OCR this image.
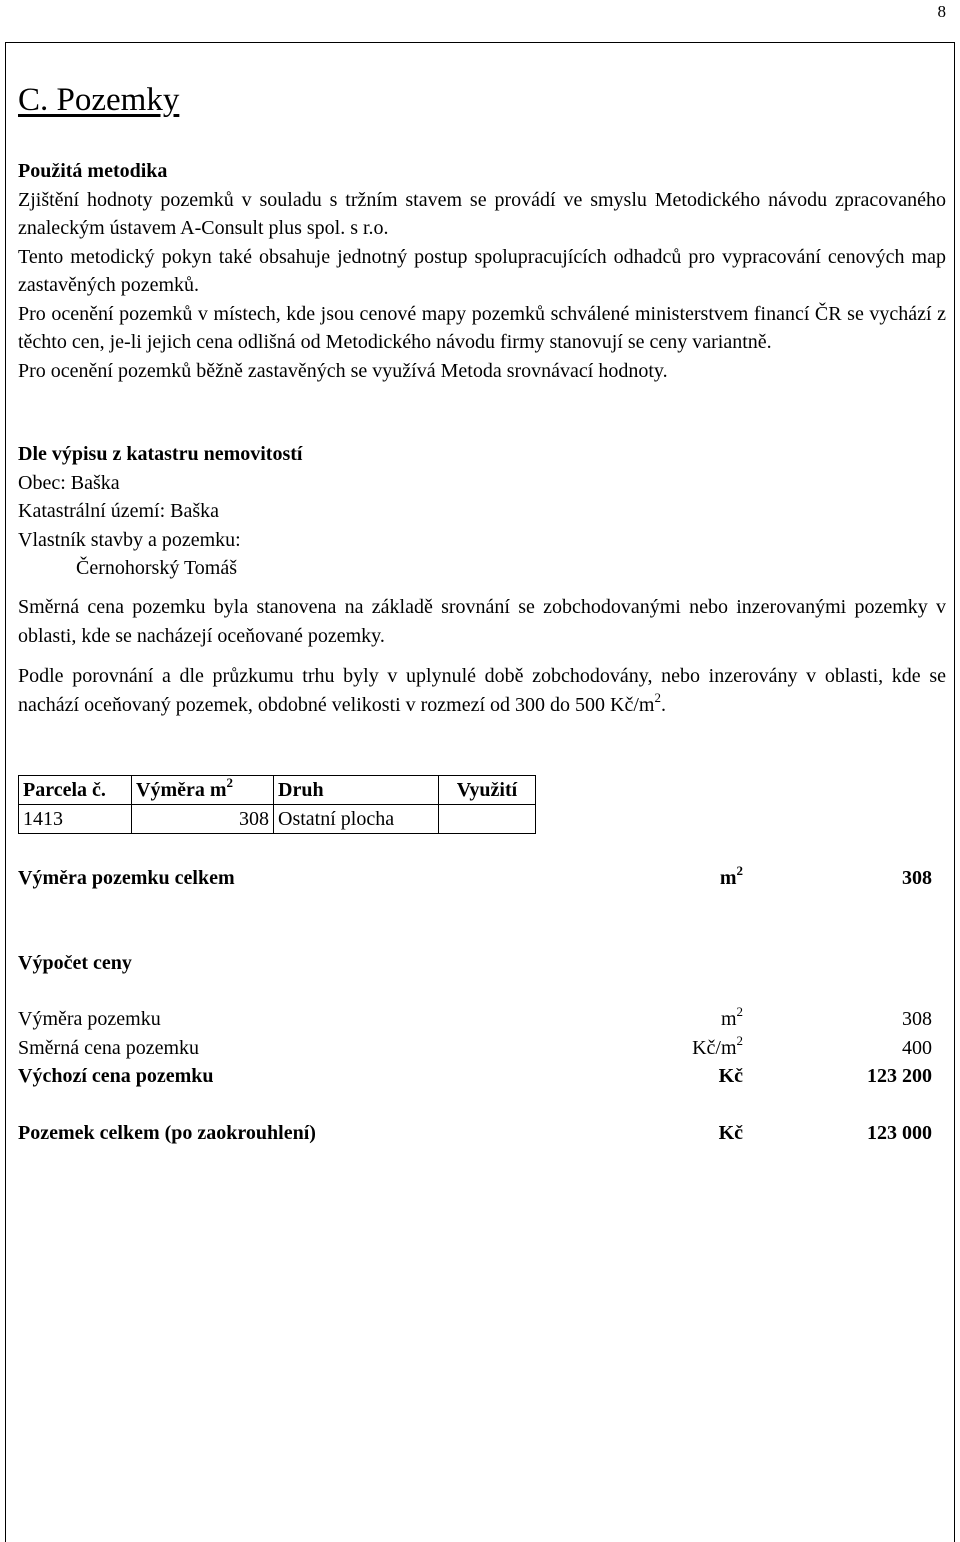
8
C. Pozemky

Použitá metodika

Zjištění hodnoty pozemků v souladu s tržním stavem se provádí ve smyslu Metodického návodu zpracovaného znaleckým ústavem A-Consult plus spol. s r.o.

Tento metodický pokyn také obsahuje jednotný postup spolupracujících odhadců pro vypracování cenových map zastavěných pozemků.

Pro ocenění pozemků v místech, kde jsou cenové mapy pozemků schválené ministerstvem financí ČR se vychází z těchto cen, je-li jejich cena odlišná od Metodického návodu firmy stanovují se ceny variantně.

Pro ocenění pozemků běžně zastavěných se využívá Metoda srovnávací hodnoty.

Dle výpisu z katastru nemovitostí

Obec: Baška

Katastrální území: Baška

Vlastník stavby a pozemku:

Černohorský Tomáš

Směrná cena pozemku byla stanovena na základě srovnání se zobchodovanými nebo inzerovanými pozemky v oblasti, kde se nacházejí oceňované pozemky.
Podle porovnání a dle průzkumu trhu byly v uplynulé době zobchodovány, nebo inzerovány v oblasti, kde se nachází oceňovaný pozemek, obdobné velikosti v rozmezí od 300 do 500 $Kč/m^2$.
Parcela č.	Výměra $m^2$	Druh	Využití
1413	308	Ostatní plocha	
Výměra pozemku celkem	$m^2$	308
Výpočet ceny
Výměra pozemku	$m^2$	308
Směrná cena pozemku	$Kč/m^2$	400
Výchozí cena pozemku	Kč	123 200
Pozemek celkem (po zaokrouhlení)	Kč	123 000
